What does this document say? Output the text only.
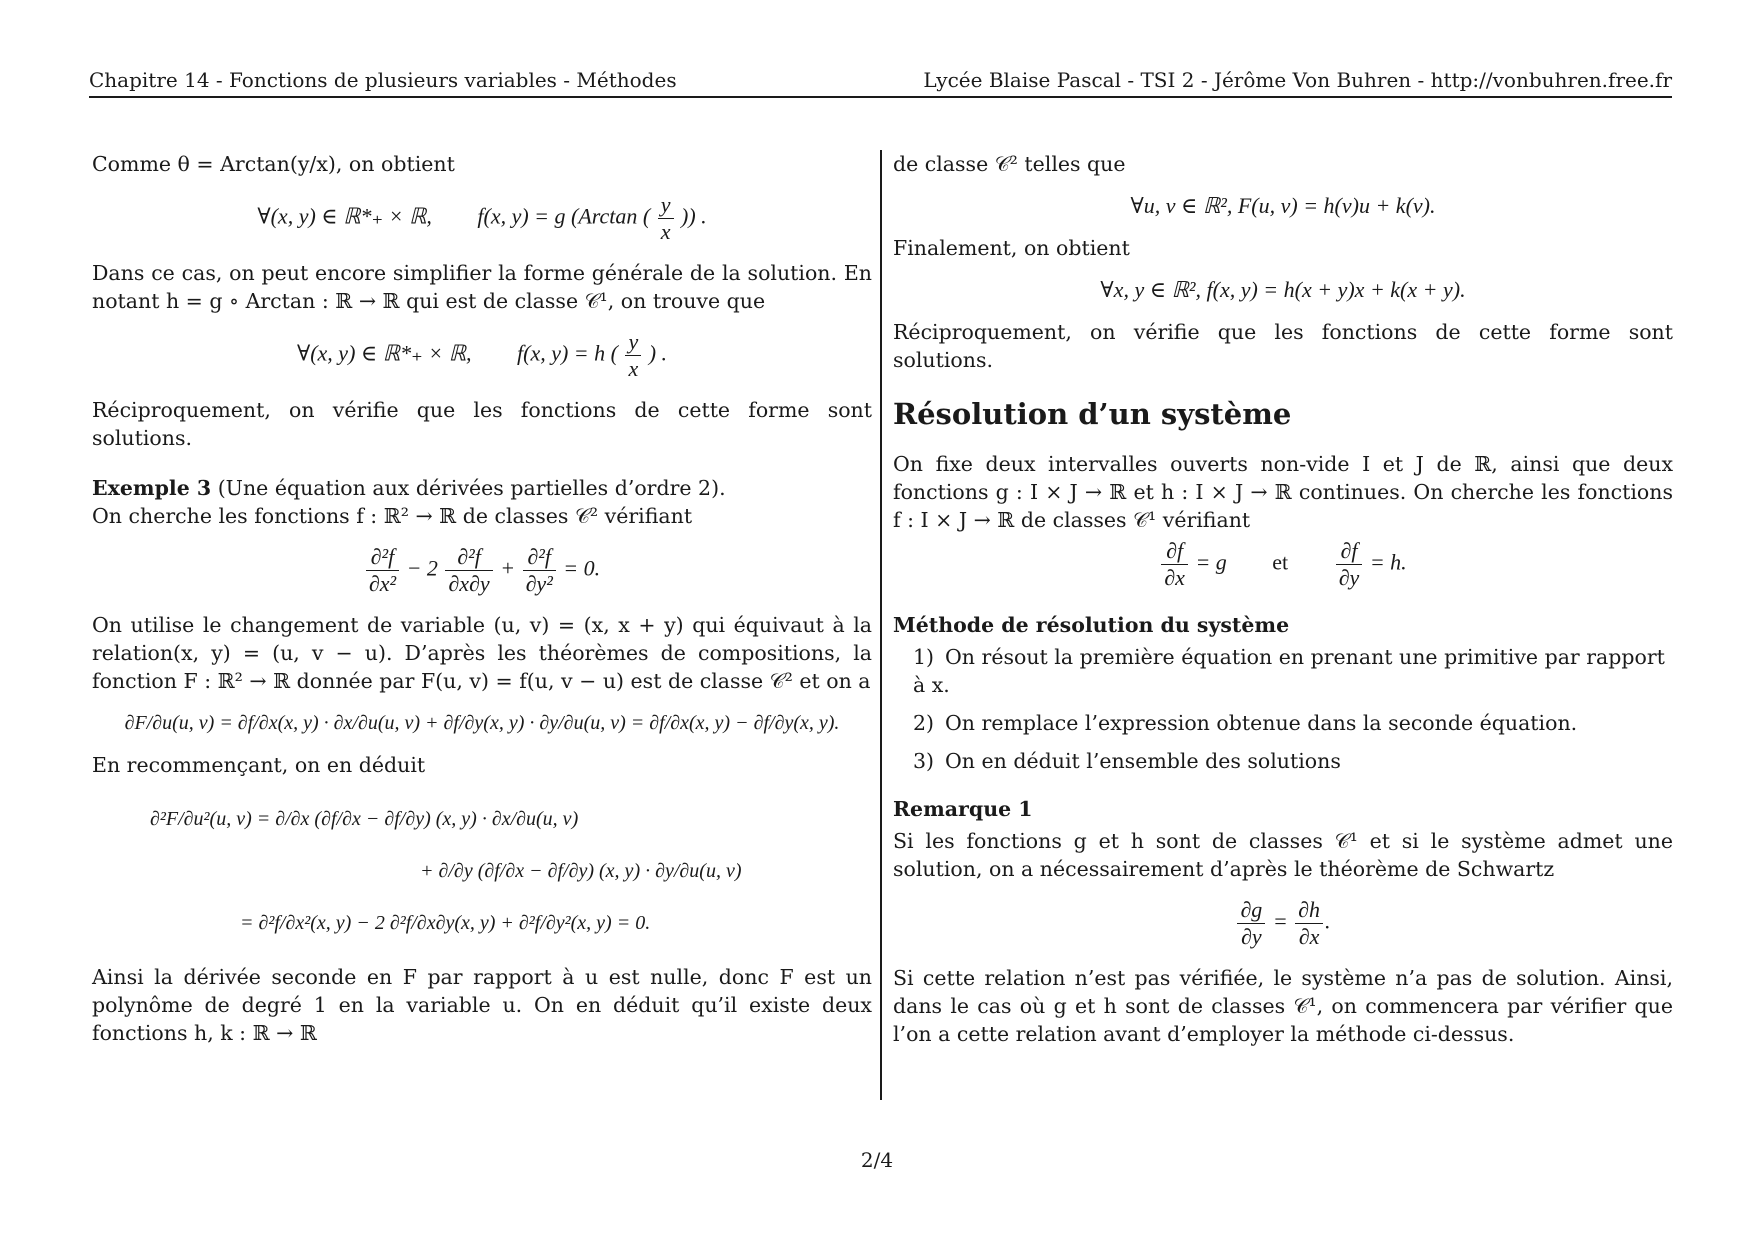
Chapitre 14 - Fonctions de plusieurs variables - Méthodes	Lycée Blaise Pascal - TSI 2 - Jérôme Von Buhren - http://vonbuhren.free.fr

Comme θ = Arctan(y/x), on obtient

∀(x, y) ∈ ℝ*₊ × ℝ, f(x, y) = g (Arctan ( $\frac{y}{x}$ )) .

Dans ce cas, on peut encore simplifier la forme générale de la solution. En notant h = g ∘ Arctan : ℝ → ℝ qui est de classe 𝒞¹, on trouve que

∀(x, y) ∈ ℝ*₊ × ℝ, f(x, y) = h ( $\frac{y}{x}$ ) .

Réciproquement, on vérifie que les fonctions de cette forme sont solutions.

Exemple 3 (Une équation aux dérivées partielles d’ordre 2).

On cherche les fonctions f : ℝ² → ℝ de classes 𝒞² vérifiant

$\frac{\text{∂²f}}{\text{∂x²}} - 2 \frac{\text{∂²f}}{\partial x\partial y} + \frac{\text{∂²f}}{\text{∂y²}} = 0$.

On utilise le changement de variable (u, v) = (x, x + y) qui équivaut à la relation(x, y) = (u, v − u). D’après les théorèmes de compositions, la fonction F : ℝ² → ℝ donnée par F(u, v) = f(u, v − u) est de classe 𝒞² et on a

∂F/∂u(u, v) = ∂f/∂x(x, y) · ∂x/∂u(u, v) + ∂f/∂y(x, y) · ∂y/∂u(u, v) = ∂f/∂x(x, y) − ∂f/∂y(x, y).

En recommençant, on en déduit

∂²F/∂u²(u, v) = ∂/∂x (∂f/∂x − ∂f/∂y) (x, y) · ∂x/∂u(u, v)
+ ∂/∂y (∂f/∂x − ∂f/∂y) (x, y) · ∂y/∂u(u, v)
= ∂²f/∂x²(x, y) − 2 ∂²f/∂x∂y(x, y) + ∂²f/∂y²(x, y) = 0.

Ainsi la dérivée seconde en F par rapport à u est nulle, donc F est un polynôme de degré 1 en la variable u. On en déduit qu’il existe deux fonctions h, k : ℝ → ℝ

de classe 𝒞² telles que

∀u, v ∈ ℝ², F(u, v) = h(v)u + k(v).

Finalement, on obtient

∀x, y ∈ ℝ², f(x, y) = h(x + y)x + k(x + y).

Réciproquement, on vérifie que les fonctions de cette forme sont solutions.

Résolution d’un système

On fixe deux intervalles ouverts non-vide I et J de ℝ, ainsi que deux fonctions g : I × J → ℝ et h : I × J → ℝ continues. On cherche les fonctions f : I × J → ℝ de classes 𝒞¹ vérifiant

$\frac{\partial f}{\partial x} = g$ et $\frac{\partial f}{\partial y} = h$.
Méthode de résolution du système
1) On résout la première équation en prenant une primitive par rapport à x.
2) On remplace l’expression obtenue dans la seconde équation.
3) On en déduit l’ensemble des solutions
Remarque 1

Si les fonctions g et h sont de classes 𝒞¹ et si le système admet une solution, on a nécessairement d’après le théorème de Schwartz

$\frac{\partial g}{\partial y} = \frac{\partial h}{\partial x}$ .

Si cette relation n’est pas vérifiée, le système n’a pas de solution. Ainsi, dans le cas où g et h sont de classes 𝒞¹, on commencera par vérifier que l’on a cette relation avant d’employer la méthode ci-dessus.

2/4
